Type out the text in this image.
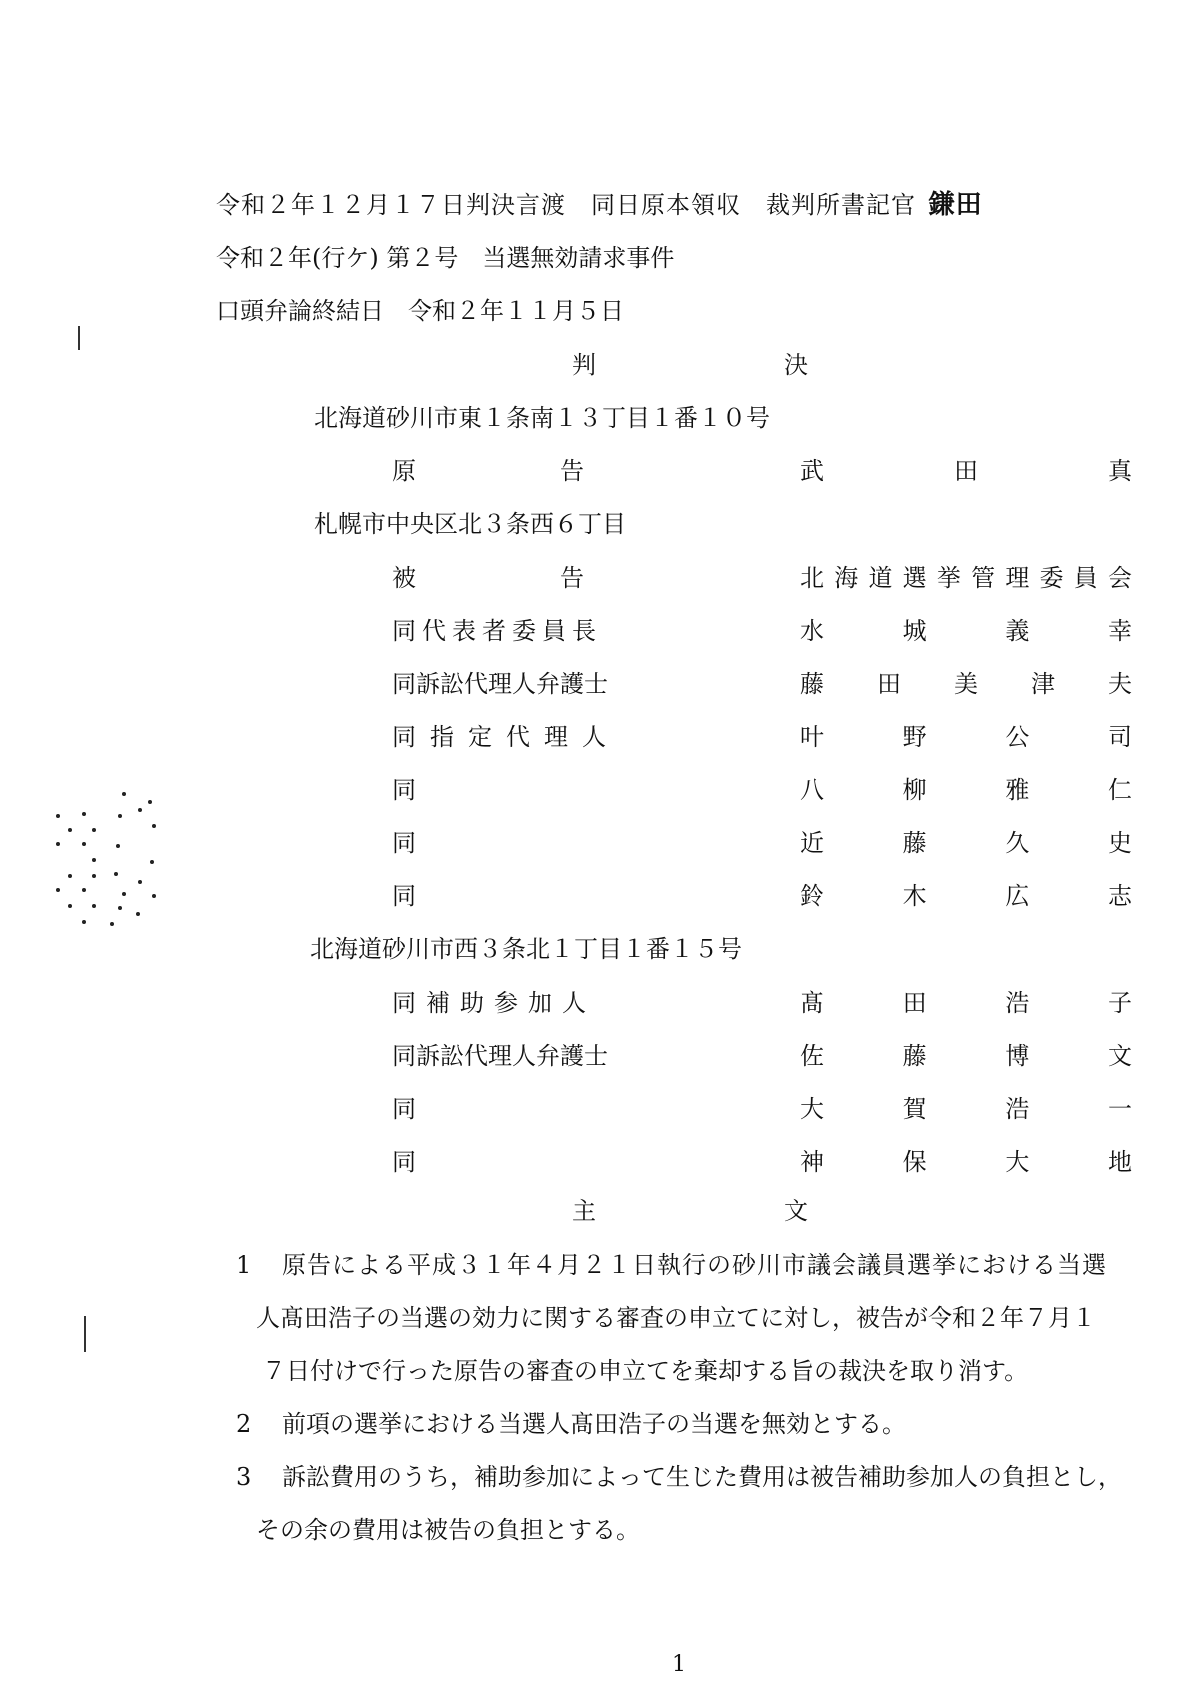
令和２年１２月１７日判決言渡　同日原本領収　裁判所書記官 鎌田
令和２年(行ケ) 第２号　当選無効請求事件
口頭弁論終結日　令和２年１１月５日
判	決
北海道砂川市東１条南１３丁目１番１０号
原　　　　　　告	武田真
札幌市中央区北３条西６丁目
被　　　　　　告	北海道選挙管理委員会
同代表者委員長	水城義幸
同訴訟代理人弁護士	藤田美津夫
同指定代理人	叶野公司
同	八柳雅仁
同	近藤久史
同	鈴木広志
北海道砂川市西３条北１丁目１番１５号
同補助参加人	髙田浩子
同訴訟代理人弁護士	佐藤博文
同	大賀浩一
同	神保大地
主	文
1 原告による平成３１年４月２１日執行の砂川市議会議員選挙における当選
人髙田浩子の当選の効力に関する審査の申立てに対し，被告が令和２年７月１
７日付けで行った原告の審査の申立てを棄却する旨の裁決を取り消す。
2 前項の選挙における当選人髙田浩子の当選を無効とする。
3 訴訟費用のうち，補助参加によって生じた費用は被告補助参加人の負担とし，
その余の費用は被告の負担とする。
1
